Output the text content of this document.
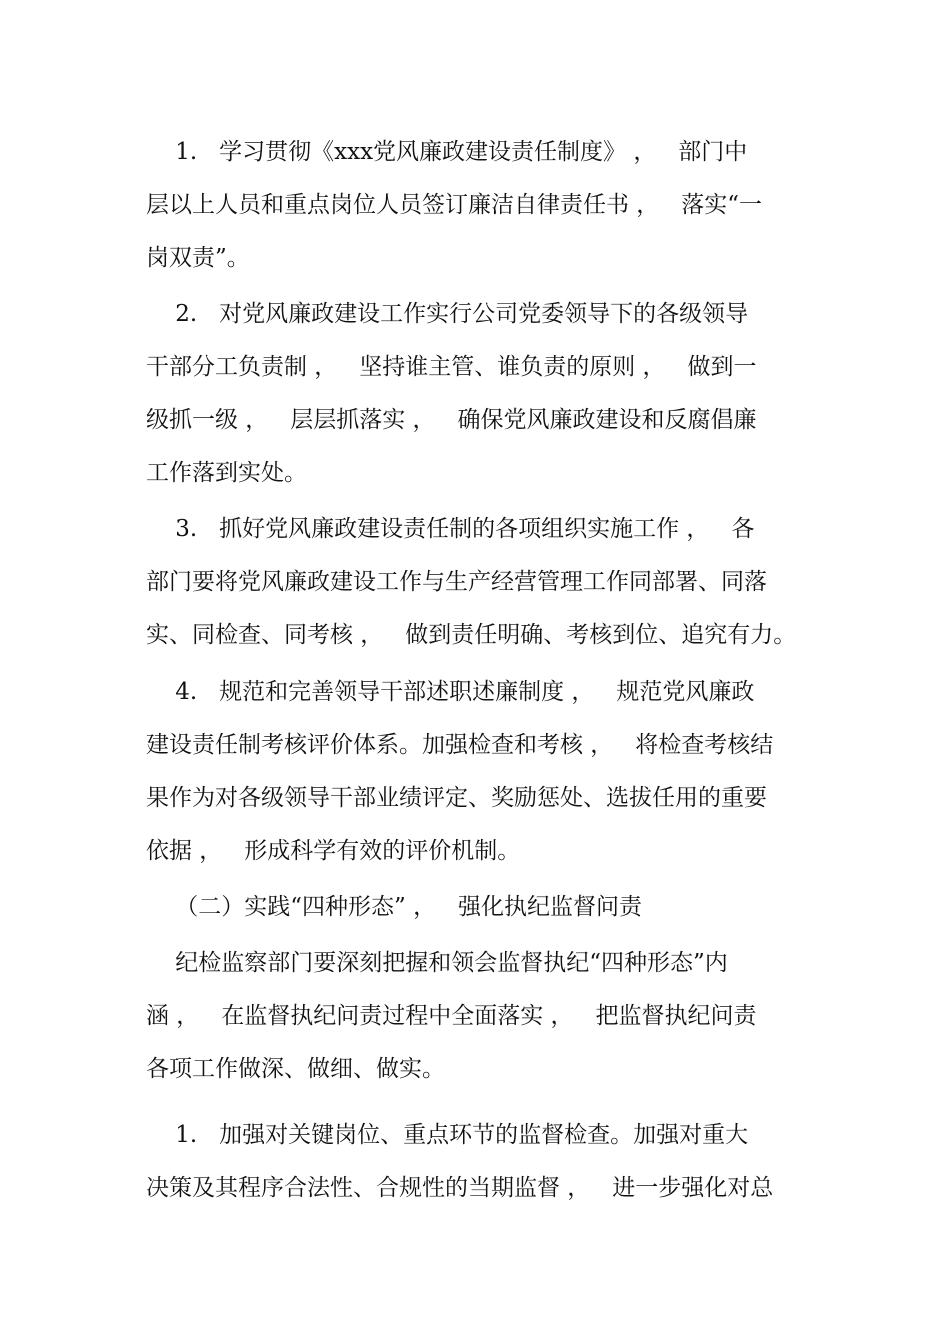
1.   学习贯彻《xxx党风廉政建设责任制度》 ，   部门中
层以上人员和重点岗位人员签订廉洁自律责任书 ，   落实“一
岗双责”。
2.   对党风廉政建设工作实行公司党委领导下的各级领导
干部分工负责制 ，   坚持谁主管、谁负责的原则 ，   做到一
级抓一级 ，   层层抓落实 ，   确保党风廉政建设和反腐倡廉
工作落到实处。
3.   抓好党风廉政建设责任制的各项组织实施工作 ，   各
部门要将党风廉政建设工作与生产经营管理工作同部署、同落
实、同检查、同考核 ，   做到责任明确、考核到位、追究有力。
4.   规范和完善领导干部述职述廉制度 ，   规范党风廉政
建设责任制考核评价体系。加强检查和考核 ，   将检查考核结
果作为对各级领导干部业绩评定、奖励惩处、选拔任用的重要
依据 ，   形成科学有效的评价机制。
（二）实践“四种形态” ，   强化执纪监督问责
纪检监察部门要深刻把握和领会监督执纪“四种形态”内
涵 ，   在监督执纪问责过程中全面落实 ，   把监督执纪问责
各项工作做深、做细、做实。
1.   加强对关键岗位、重点环节的监督检查。加强对重大
决策及其程序合法性、合规性的当期监督 ，   进一步强化对总
